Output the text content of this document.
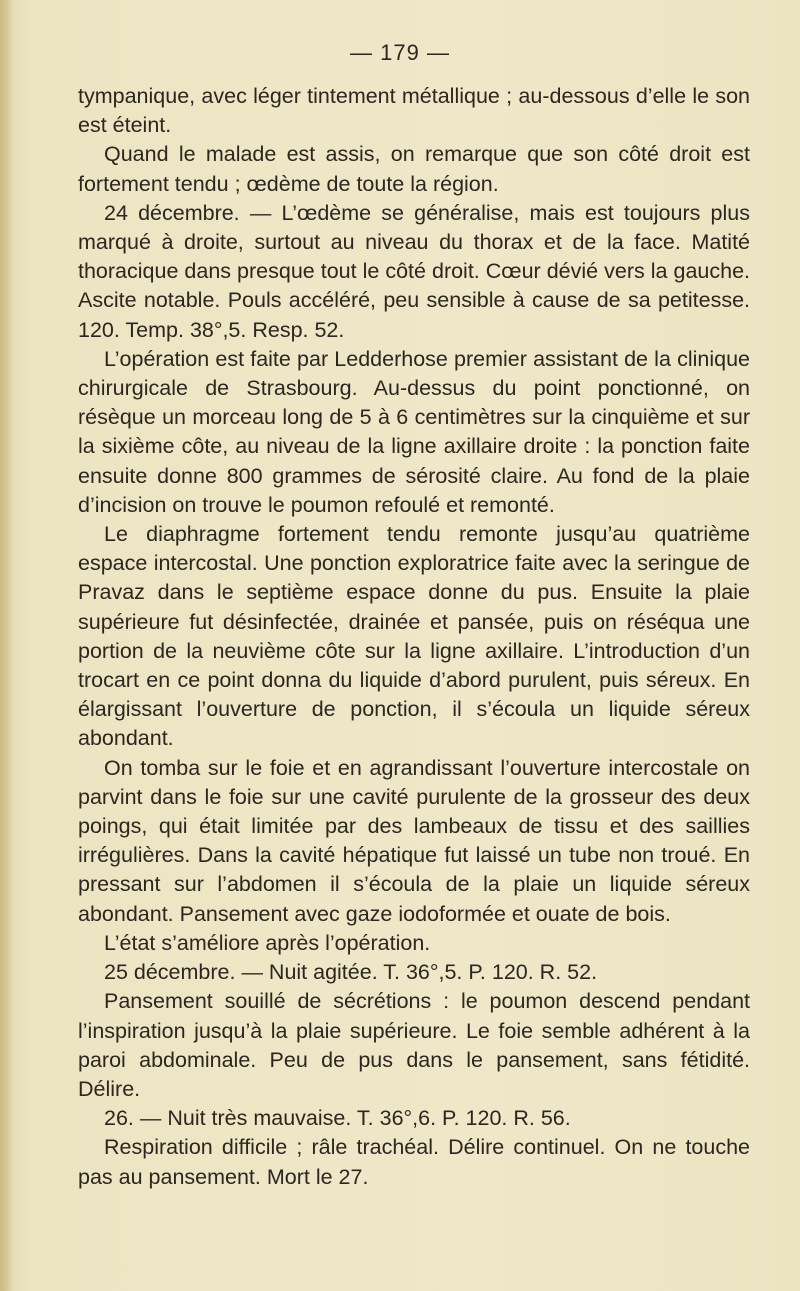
— 179 —

tympanique, avec léger tintement métallique ; au-dessous d’elle le son est éteint.

Quand le malade est assis, on remarque que son côté droit est fortement tendu ; œdème de toute la région.

24 décembre. — L’œdème se généralise, mais est toujours plus marqué à droite, surtout au niveau du thorax et de la face. Matité thoracique dans presque tout le côté droit. Cœur dévié vers la gauche. Ascite notable. Pouls accéléré, peu sensible à cause de sa petitesse. 120. Temp. 38°,5. Resp. 52.

L’opération est faite par Ledderhose premier assistant de la clinique chirurgicale de Strasbourg. Au-dessus du point ponctionné, on résèque un morceau long de 5 à 6 centimètres sur la cinquième et sur la sixième côte, au niveau de la ligne axillaire droite : la ponction faite ensuite donne 800 grammes de sérosité claire. Au fond de la plaie d’incision on trouve le poumon refoulé et remonté.

Le diaphragme fortement tendu remonte jusqu’au quatrième espace intercostal. Une ponction exploratrice faite avec la seringue de Pravaz dans le septième espace donne du pus. Ensuite la plaie supérieure fut désinfectée, drainée et pansée, puis on réséqua une portion de la neuvième côte sur la ligne axillaire. L’introduction d’un trocart en ce point donna du liquide d’abord purulent, puis séreux. En élargissant l’ouverture de ponction, il s’écoula un liquide séreux abondant.

On tomba sur le foie et en agrandissant l’ouverture intercostale on parvint dans le foie sur une cavité purulente de la grosseur des deux poings, qui était limitée par des lambeaux de tissu et des saillies irrégulières. Dans la cavité hépatique fut laissé un tube non troué. En pressant sur l’abdomen il s’écoula de la plaie un liquide séreux abondant. Pansement avec gaze iodoformée et ouate de bois.

L’état s’améliore après l’opération.

25 décembre. — Nuit agitée. T. 36°,5. P. 120. R. 52.

Pansement souillé de sécrétions : le poumon descend pendant l’inspiration jusqu’à la plaie supérieure. Le foie semble adhérent à la paroi abdominale. Peu de pus dans le pansement, sans fétidité. Délire.

26. — Nuit très mauvaise. T. 36°,6. P. 120. R. 56.

Respiration difficile ; râle trachéal. Délire continuel. On ne touche pas au pansement. Mort le 27.
